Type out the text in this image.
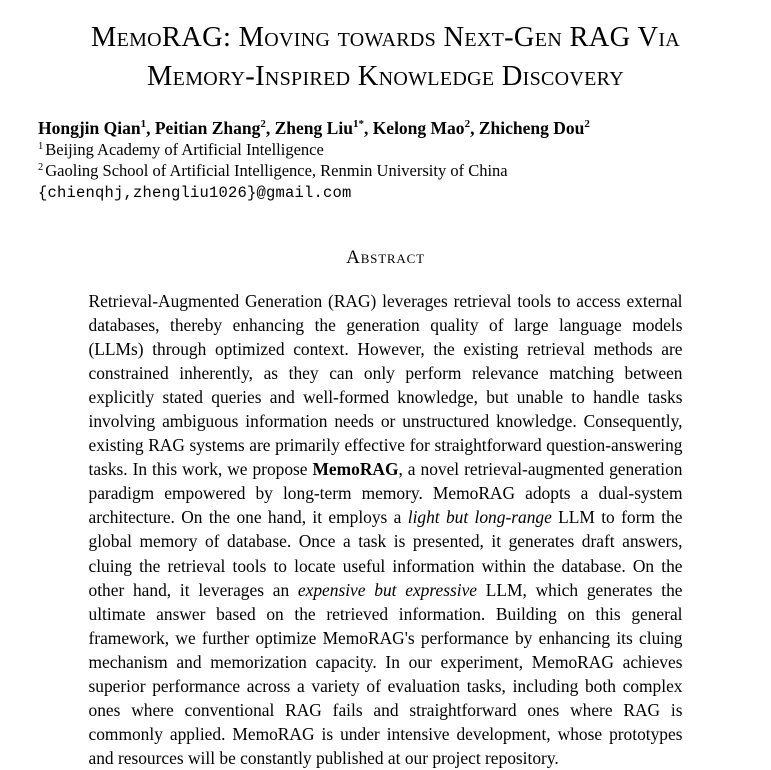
MemoRAG: Moving towards Next-Gen RAG Via
Memory-Inspired Knowledge Discovery
Hongjin Qian$^1$, Peitian Zhang$^2$, Zheng Liu$^{1*}$, Kelong Mao$^2$, Zhicheng Dou$^2$
$^1$ Beijing Academy of Artificial Intelligence
$^2$ Gaoling School of Artificial Intelligence, Renmin University of China
{chienqhj,zhengliu1026}@gmail.com
Abstract
Retrieval-Augmented Generation (RAG) leverages retrieval tools to access external databases, thereby enhancing the generation quality of large language models (LLMs) through optimized context. However, the existing retrieval methods are constrained inherently, as they can only perform relevance matching between explicitly stated queries and well-formed knowledge, but unable to handle tasks involving ambiguous information needs or unstructured knowledge. Consequently, existing RAG systems are primarily effective for straightforward question-answering tasks. In this work, we propose MemoRAG, a novel retrieval-augmented generation paradigm empowered by long-term memory. MemoRAG adopts a dual-system architecture. On the one hand, it employs a light but long-range LLM to form the global memory of database. Once a task is presented, it generates draft answers, cluing the retrieval tools to locate useful information within the database. On the other hand, it leverages an expensive but expressive LLM, which generates the ultimate answer based on the retrieved information. Building on this general framework, we further optimize MemoRAG's performance by enhancing its cluing mechanism and memorization capacity. In our experiment, MemoRAG achieves superior performance across a variety of evaluation tasks, including both complex ones where conventional RAG fails and straightforward ones where RAG is commonly applied. MemoRAG is under intensive development, whose prototypes and resources will be constantly published at our project repository.
